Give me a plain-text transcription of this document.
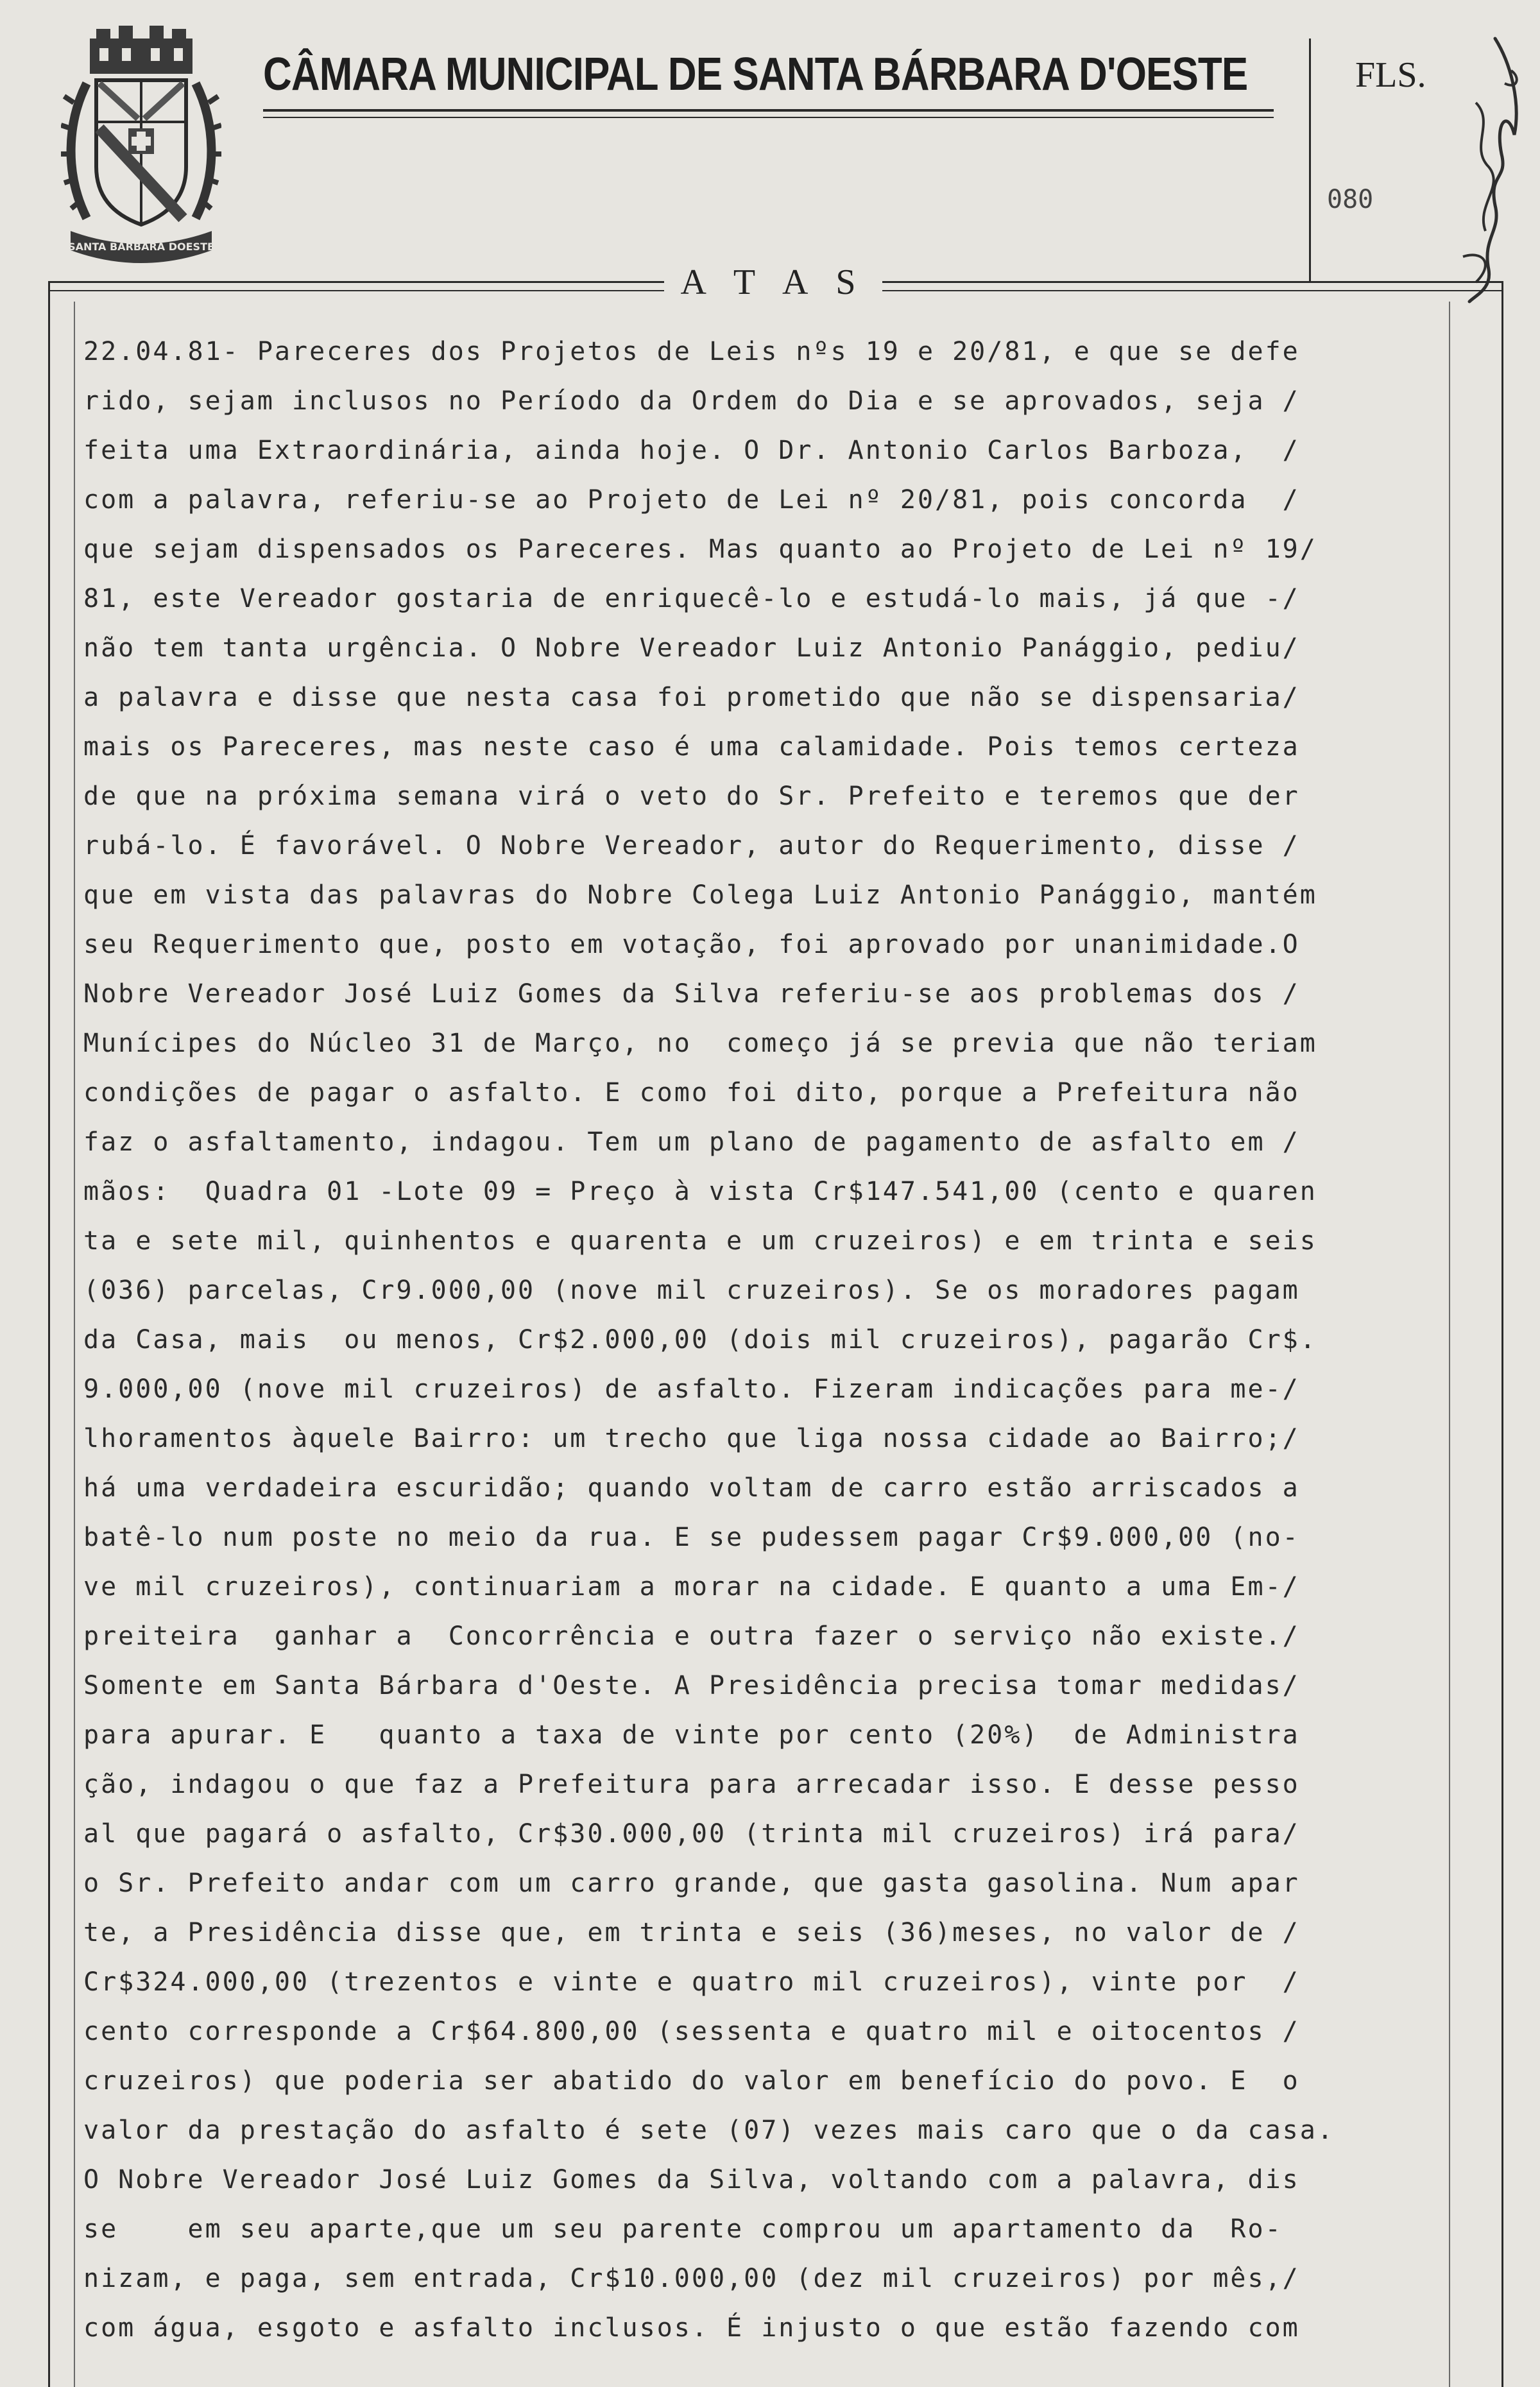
SANTA BARBARA DOESTE
CÂMARA MUNICIPAL DE SANTA BÁRBARA D'OESTE	FLS.
080
A T A S
22.04.81- Pareceres dos Projetos de Leis nºs 19 e 20/81, e que se defe
rido, sejam inclusos no Período da Ordem do Dia e se aprovados, seja /
feita uma Extraordinária, ainda hoje. O Dr. Antonio Carlos Barboza,  /
com a palavra, referiu-se ao Projeto de Lei nº 20/81, pois concorda  /
que sejam dispensados os Pareceres. Mas quanto ao Projeto de Lei nº 19/
81, este Vereador gostaria de enriquecê-lo e estudá-lo mais, já que -/
não tem tanta urgência. O Nobre Vereador Luiz Antonio Panággio, pediu/
a palavra e disse que nesta casa foi prometido que não se dispensaria/
mais os Pareceres, mas neste caso é uma calamidade. Pois temos certeza
de que na próxima semana virá o veto do Sr. Prefeito e teremos que der
rubá-lo. É favorável. O Nobre Vereador, autor do Requerimento, disse /
que em vista das palavras do Nobre Colega Luiz Antonio Panággio, mantém
seu Requerimento que, posto em votação, foi aprovado por unanimidade.O
Nobre Vereador José Luiz Gomes da Silva referiu-se aos problemas dos /
Munícipes do Núcleo 31 de Março, no  começo já se previa que não teriam
condições de pagar o asfalto. E como foi dito, porque a Prefeitura não
faz o asfaltamento, indagou. Tem um plano de pagamento de asfalto em /
mãos:  Quadra 01 -Lote 09 = Preço à vista Cr$147.541,00 (cento e quaren
ta e sete mil, quinhentos e quarenta e um cruzeiros) e em trinta e seis
(036) parcelas, Cr9.000,00 (nove mil cruzeiros). Se os moradores pagam
da Casa, mais  ou menos, Cr$2.000,00 (dois mil cruzeiros), pagarão Cr$.
9.000,00 (nove mil cruzeiros) de asfalto. Fizeram indicações para me-/
lhoramentos àquele Bairro: um trecho que liga nossa cidade ao Bairro;/
há uma verdadeira escuridão; quando voltam de carro estão arriscados a
batê-lo num poste no meio da rua. E se pudessem pagar Cr$9.000,00 (no-
ve mil cruzeiros), continuariam a morar na cidade. E quanto a uma Em-/
preiteira  ganhar a  Concorrência e outra fazer o serviço não existe./
Somente em Santa Bárbara d'Oeste. A Presidência precisa tomar medidas/
para apurar. E   quanto a taxa de vinte por cento (20%)  de Administra
ção, indagou o que faz a Prefeitura para arrecadar isso. E desse pesso
al que pagará o asfalto, Cr$30.000,00 (trinta mil cruzeiros) irá para/
o Sr. Prefeito andar com um carro grande, que gasta gasolina. Num apar
te, a Presidência disse que, em trinta e seis (36)meses, no valor de /
Cr$324.000,00 (trezentos e vinte e quatro mil cruzeiros), vinte por  /
cento corresponde a Cr$64.800,00 (sessenta e quatro mil e oitocentos /
cruzeiros) que poderia ser abatido do valor em benefício do povo. E  o
valor da prestação do asfalto é sete (07) vezes mais caro que o da casa.
O Nobre Vereador José Luiz Gomes da Silva, voltando com a palavra, dis
se    em seu aparte,que um seu parente comprou um apartamento da  Ro-
nizam, e paga, sem entrada, Cr$10.000,00 (dez mil cruzeiros) por mês,/
com água, esgoto e asfalto inclusos. É injusto o que estão fazendo com
